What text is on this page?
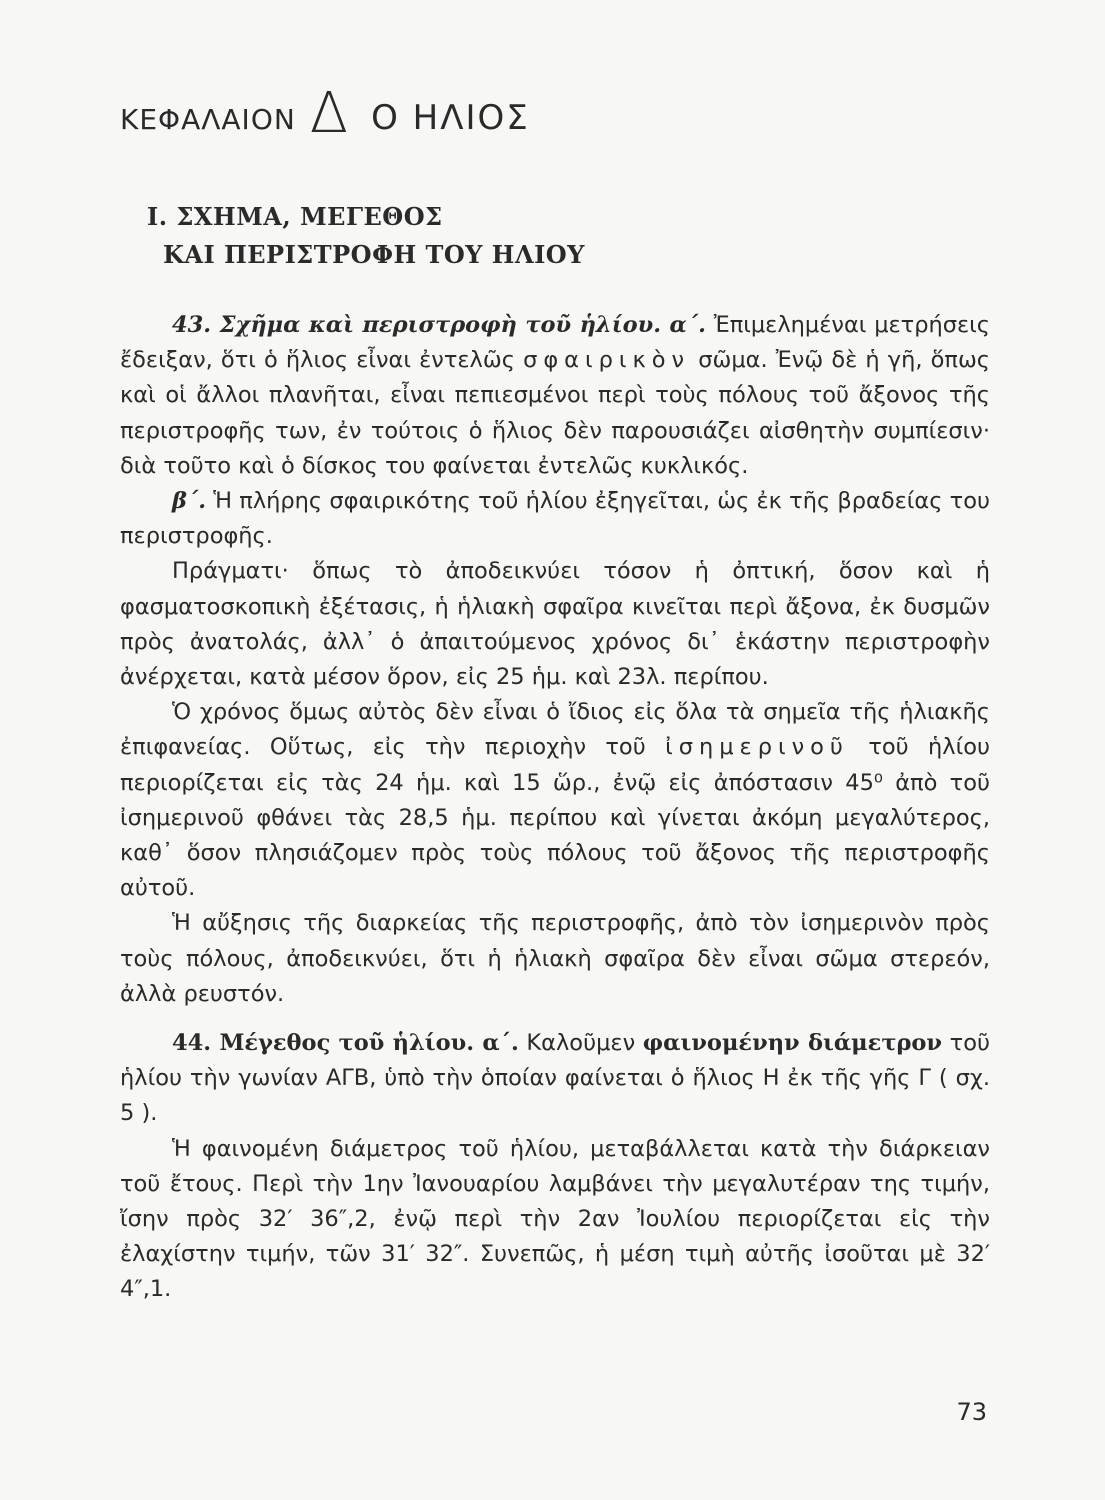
ΚΕΦΑΛΑΙΟΝ Δ Ο ΗΛΙΟΣ
Ι. ΣΧΗΜΑ, ΜΕΓΕΘΟΣ
ΚΑΙ ΠΕΡΙΣΤΡΟΦΗ ΤΟΥ ΗΛΙΟΥ

43. Σχῆμα καὶ περιστροφὴ τοῦ ἡλίου. α΄. Ἐπιμελημέναι μετρήσεις ἔδειξαν, ὅτι ὁ ἥλιος εἶναι ἐντελῶς σφαιρικὸν σῶμα. Ἐνῷ δὲ ἡ γῆ, ὅπως καὶ οἱ ἄλλοι πλανῆται, εἶναι πεπιεσμένοι περὶ τοὺς πόλους τοῦ ἄξονος τῆς περιστροφῆς των, ἐν τούτοις ὁ ἥλιος δὲν παρουσιάζει αἰσθητὴν συμπίεσιν· διὰ τοῦτο καὶ ὁ δίσκος του φαίνεται ἐντελῶς κυκλικός.

β΄. Ἡ πλήρης σφαιρικότης τοῦ ἡλίου ἐξηγεῖται, ὡς ἐκ τῆς βραδείας του περιστροφῆς.

Πράγματι· ὅπως τὸ ἀποδεικνύει τόσον ἡ ὀπτική, ὅσον καὶ ἡ φασματοσκοπικὴ ἐξέτασις, ἡ ἡλιακὴ σφαῖρα κινεῖται περὶ ἄξονα, ἐκ δυσμῶν πρὸς ἀνατολάς, ἀλλ᾽ ὁ ἀπαιτούμενος χρόνος δι᾽ ἑκάστην περιστροφὴν ἀνέρχεται, κατὰ μέσον ὅρον, εἰς 25 ἡμ. καὶ 23λ. περίπου.

Ὁ χρόνος ὅμως αὐτὸς δὲν εἶναι ὁ ἴδιος εἰς ὅλα τὰ σημεῖα τῆς ἡλιακῆς ἐπιφανείας. Οὕτως, εἰς τὴν περιοχὴν τοῦ ἰσημερινοῦ τοῦ ἡλίου περιορίζεται εἰς τὰς 24 ἡμ. καὶ 15 ὥρ., ἐνῷ εἰς ἀπόστασιν 45⁰ ἀπὸ τοῦ ἰσημερινοῦ φθάνει τὰς 28,5 ἡμ. περίπου καὶ γίνεται ἀκόμη μεγαλύτερος, καθ᾽ ὅσον πλησιάζομεν πρὸς τοὺς πόλους τοῦ ἄξονος τῆς περιστροφῆς αὐτοῦ.

Ἡ αὔξησις τῆς διαρκείας τῆς περιστροφῆς, ἀπὸ τὸν ἰσημερινὸν πρὸς τοὺς πόλους, ἀποδεικνύει, ὅτι ἡ ἡλιακὴ σφαῖρα δὲν εἶναι σῶμα στερεόν, ἀλλὰ ρευστόν.

44. Μέγεθος τοῦ ἡλίου. α΄. Καλοῦμεν φαινομένην διάμετρον τοῦ ἡλίου τὴν γωνίαν ΑΓΒ, ὑπὸ τὴν ὁποίαν φαίνεται ὁ ἥλιος Η ἐκ τῆς γῆς Γ ( σχ. 5 ).

Ἡ φαινομένη διάμετρος τοῦ ἡλίου, μεταβάλλεται κατὰ τὴν διάρκειαν τοῦ ἔτους. Περὶ τὴν 1ην Ἰανουαρίου λαμβάνει τὴν μεγαλυτέραν της τιμήν, ἴσην πρὸς 32′ 36″,2, ἐνῷ περὶ τὴν 2αν Ἰουλίου περιορίζεται εἰς τὴν ἐλαχίστην τιμήν, τῶν 31′ 32″. Συνεπῶς, ἡ μέση τιμὴ αὐτῆς ἰσοῦται μὲ 32′ 4″,1.

73
